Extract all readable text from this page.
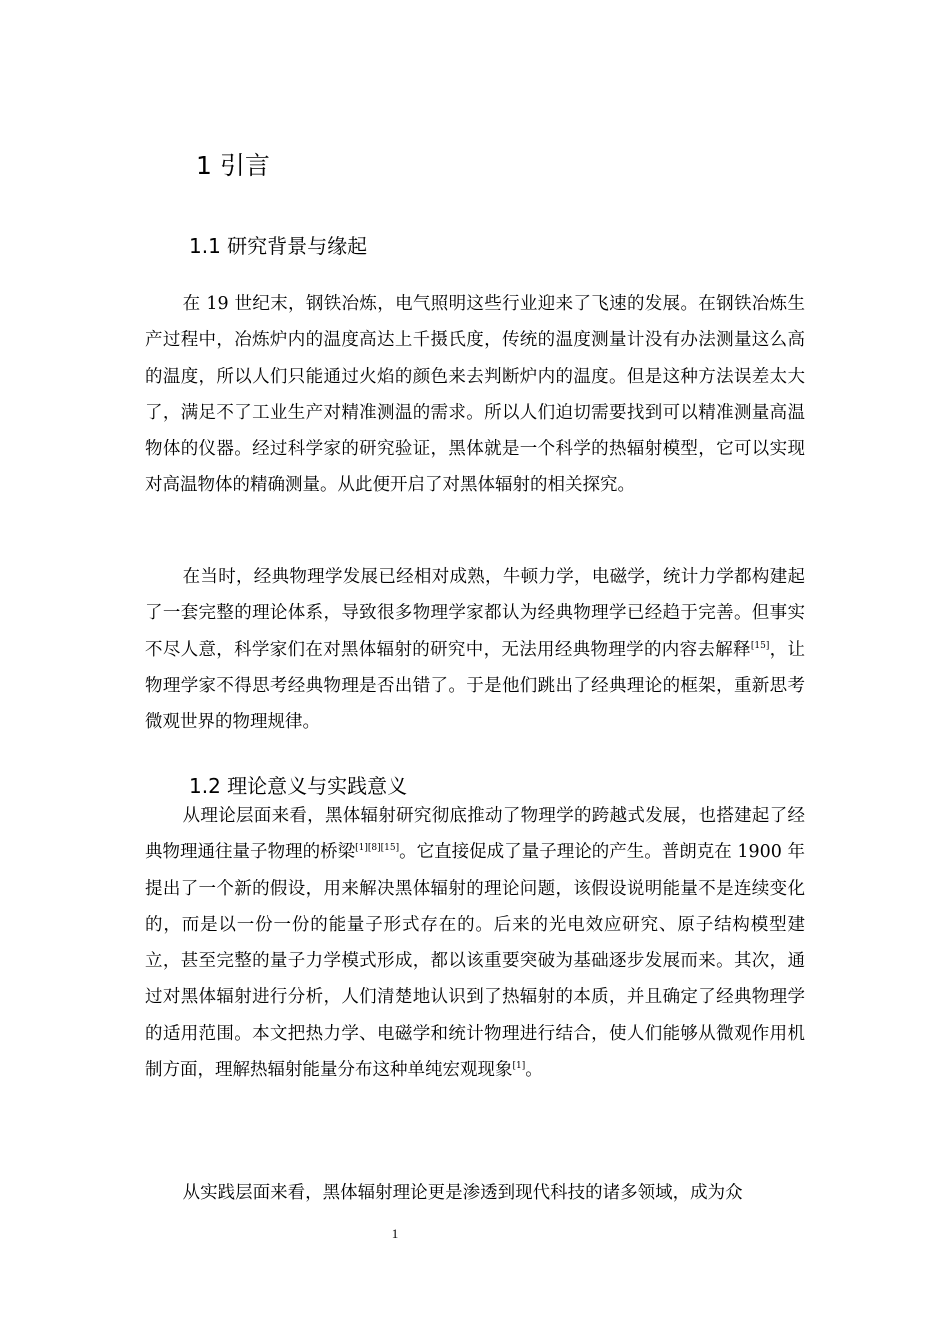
1 引言
1.1 研究背景与缘起

在 19 世纪末，钢铁冶炼，电气照明这些行业迎来了飞速的发展。在钢铁冶炼生产过程中，冶炼炉内的温度高达上千摄氏度，传统的温度测量计没有办法测量这么高的温度，所以人们只能通过火焰的颜色来去判断炉内的温度。但是这种方法误差太大了，满足不了工业生产对精准测温的需求。所以人们迫切需要找到可以精准测量高温物体的仪器。经过科学家的研究验证，黑体就是一个科学的热辐射模型，它可以实现对高温物体的精确测量。从此便开启了对黑体辐射的相关探究。

在当时，经典物理学发展已经相对成熟，牛顿力学，电磁学，统计力学都构建起了一套完整的理论体系，导致很多物理学家都认为经典物理学已经趋于完善。但事实不尽人意，科学家们在对黑体辐射的研究中，无法用经典物理学的内容去解释[15]，让物理学家不得思考经典物理是否出错了。于是他们跳出了经典理论的框架，重新思考微观世界的物理规律。

1.2 理论意义与实践意义

从理论层面来看，黑体辐射研究彻底推动了物理学的跨越式发展，也搭建起了经典物理通往量子物理的桥梁[1][8][15]。它直接促成了量子理论的产生。普朗克在 1900 年提出了一个新的假设，用来解决黑体辐射的理论问题，该假设说明能量不是连续变化的，而是以一份一份的能量子形式存在的。后来的光电效应研究、原子结构模型建立，甚至完整的量子力学模式形成，都以该重要突破为基础逐步发展而来。其次，通过对黑体辐射进行分析，人们清楚地认识到了热辐射的本质，并且确定了经典物理学的适用范围。本文把热力学、电磁学和统计物理进行结合，使人们能够从微观作用机制方面，理解热辐射能量分布这种单纯宏观现象[1]。

从实践层面来看，黑体辐射理论更是渗透到现代科技的诸多领域，成为众

1
